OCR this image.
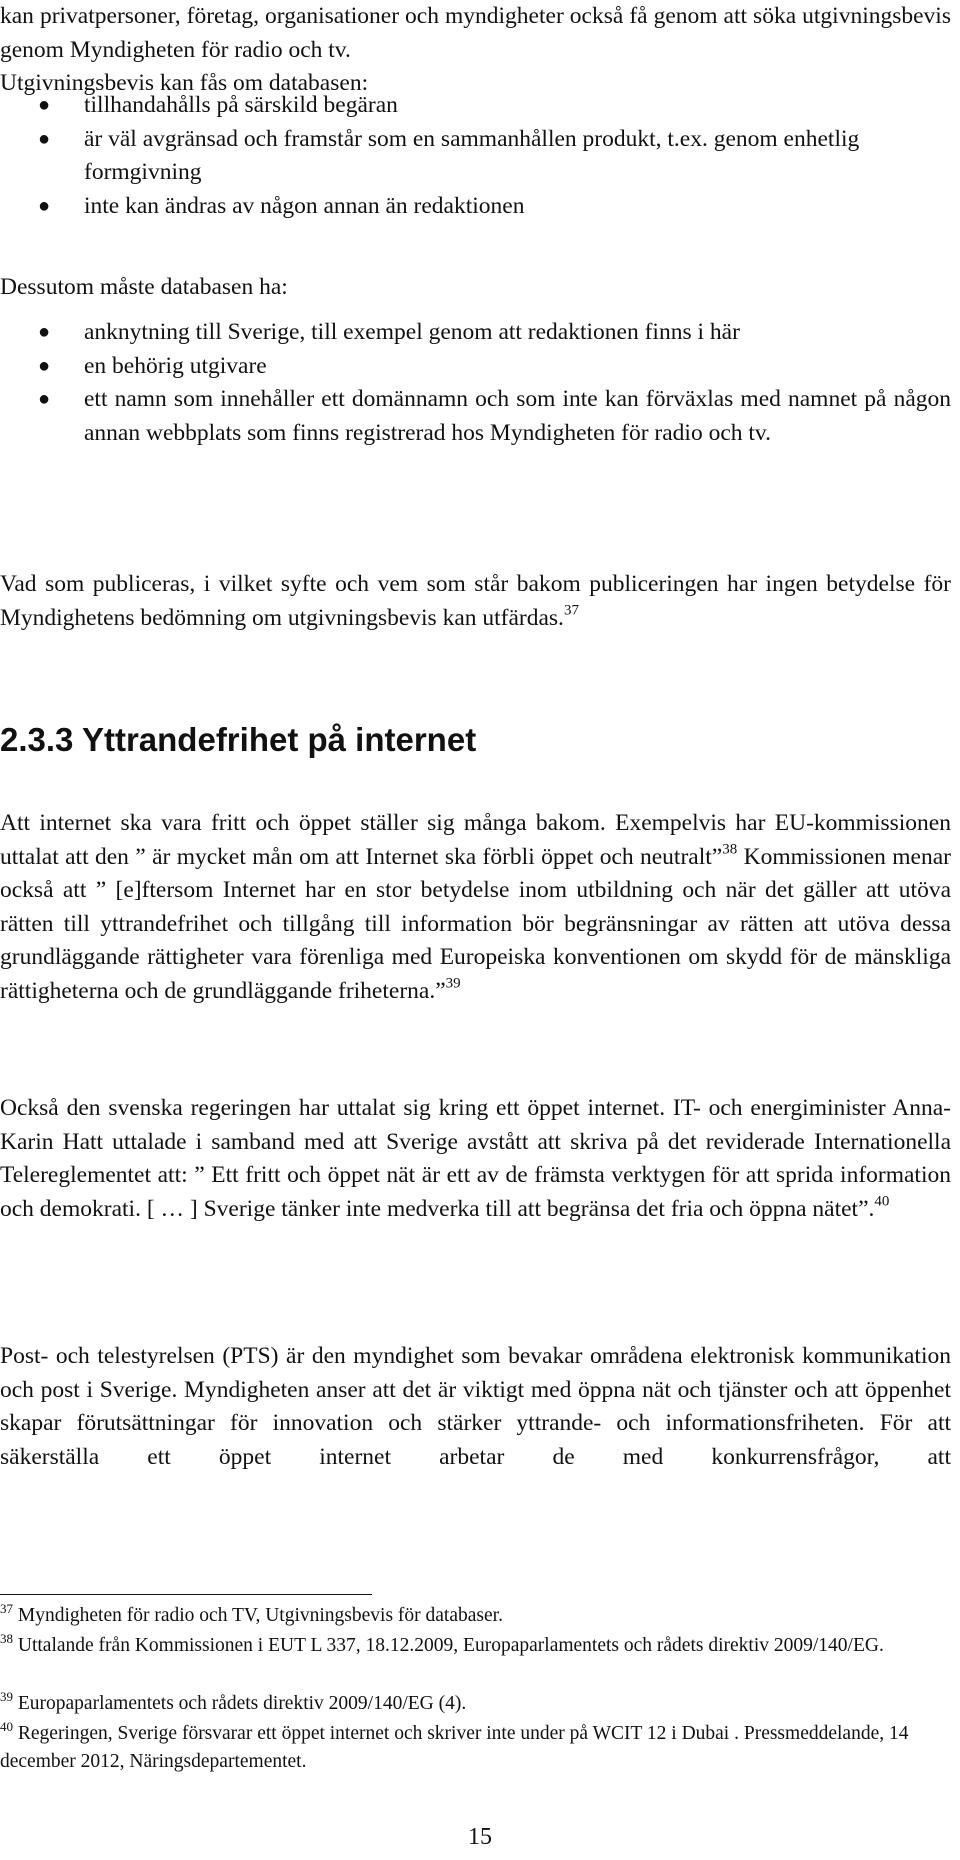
kan privatpersoner, företag, organisationer och myndigheter också få genom att söka utgivningsbevis genom Myndigheten för radio och tv.
Utgivningsbevis kan fås om databasen:

● tillhandahålls på särskild begäran
● är väl avgränsad och framstår som en sammanhållen produkt, t.ex. genom enhetlig formgivning
● inte kan ändras av någon annan än redaktionen

Dessutom måste databasen ha:

● anknytning till Sverige, till exempel genom att redaktionen finns i här
● en behörig utgivare
● ett namn som innehåller ett domännamn och som inte kan förväxlas med namnet på någon annan webbplats som finns registrerad hos Myndigheten för radio och tv.

Vad som publiceras, i vilket syfte och vem som står bakom publiceringen har ingen betydelse för Myndighetens bedömning om utgivningsbevis kan utfärdas.$^{37}$

2.3.3 Yttrandefrihet på internet

Att internet ska vara fritt och öppet ställer sig många bakom. Exempelvis har EU-kommissionen uttalat att den ” är mycket mån om att Internet ska förbli öppet och neutralt”$^{38}$ Kommissionen menar också att ” [e]ftersom Internet har en stor betydelse inom utbildning och när det gäller att utöva rätten till yttrandefrihet och tillgång till information bör begränsningar av rätten att utöva dessa grundläggande rättigheter vara förenliga med Europeiska konventionen om skydd för de mänskliga rättigheterna och de grundläggande friheterna.”$^{39}$

Också den svenska regeringen har uttalat sig kring ett öppet internet. IT- och energiminister Anna-Karin Hatt uttalade i samband med att Sverige avstått att skriva på det reviderade Internationella Telereglementet att: ” Ett fritt och öppet nät är ett av de främsta verktygen för att sprida information och demokrati. [ … ] Sverige tänker inte medverka till att begränsa det fria och öppna nätet”.$^{40}$

Post- och telestyrelsen (PTS) är den myndighet som bevakar områdena elektronisk kommunikation och post i Sverige. Myndigheten anser att det är viktigt med öppna nät och tjänster och att öppenhet skapar förutsättningar för innovation och stärker yttrande- och informationsfriheten. För att säkerställa ett öppet internet arbetar de med konkurrensfrågor, att

$^{37}$ Myndigheten för radio och TV, Utgivningsbevis för databaser.

$^{38}$ Uttalande från Kommissionen i EUT L 337, 18.12.2009, Europaparlamentets och rådets direktiv 2009/140/EG.

$^{39}$ Europaparlamentets och rådets direktiv 2009/140/EG (4).

$^{40}$ Regeringen, Sverige försvarar ett öppet internet och skriver inte under på WCIT 12 i Dubai . Pressmeddelande, 14 december 2012, Näringsdepartementet.

15
